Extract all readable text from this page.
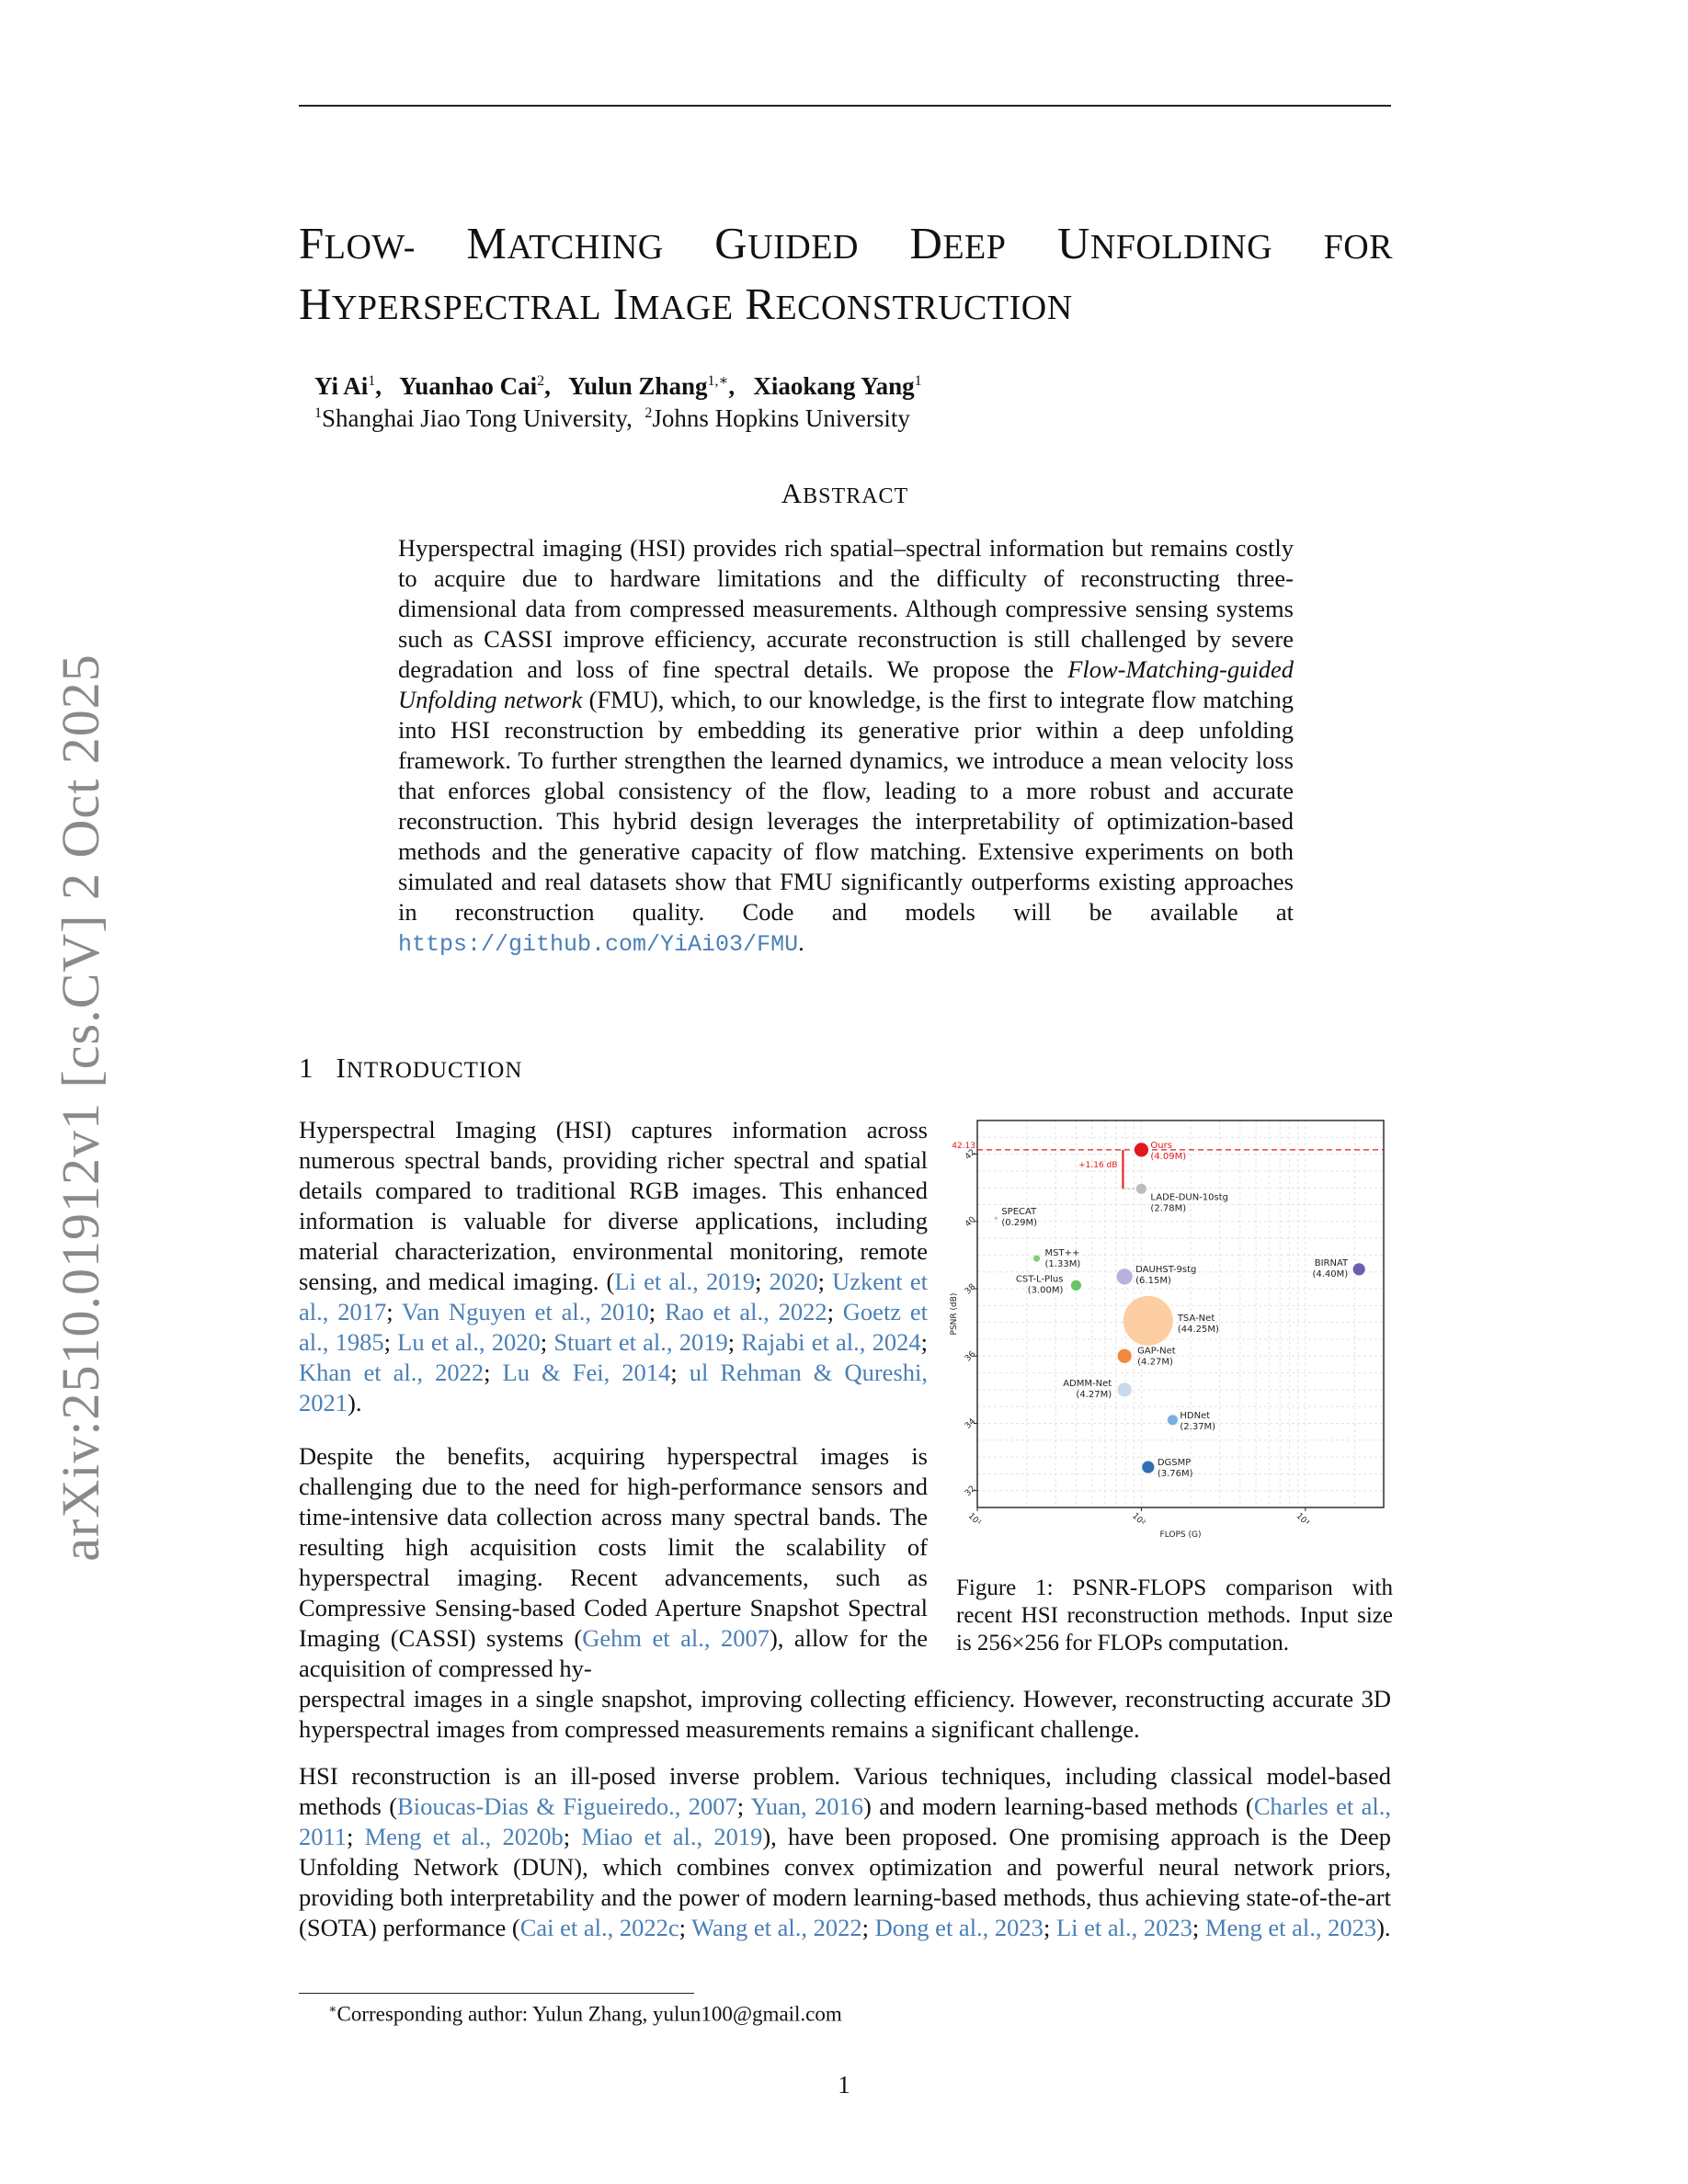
arXiv:2510.01912v1 [cs.CV] 2 Oct 2025
FLOW- MATCHING GUIDED DEEP UNFOLDING FOR
HYPERSPECTRAL IMAGE RECONSTRUCTION
Yi Ai$^1$,   Yuanhao Cai$^2$,   Yulun Zhang$^{1,∗}$,   Xiaokang Yang$^1$
$^1$Shanghai Jiao Tong University,  $^2$Johns Hopkins University
ABSTRACT
Hyperspectral imaging (HSI) provides rich spatial–spectral information but remains costly to acquire due to hardware limitations and the difficulty of reconstructing three-dimensional data from compressed measurements. Although compressive sensing systems such as CASSI improve efficiency, accurate reconstruction is still challenged by severe degradation and loss of fine spectral details. We propose the Flow-Matching-guided Unfolding network (FMU), which, to our knowledge, is the first to integrate flow matching into HSI reconstruction by embedding its generative prior within a deep unfolding framework. To further strengthen the learned dynamics, we introduce a mean velocity loss that enforces global consistency of the flow, leading to a more robust and accurate reconstruction. This hybrid design leverages the interpretability of optimization-based methods and the generative capacity of flow matching. Extensive experiments on both simulated and real datasets show that FMU significantly outperforms existing approaches in reconstruction quality. Code and models will be available at https://github.com/YiAi03/FMU.
1 INTRODUCTION
Hyperspectral Imaging (HSI) captures information across numerous spectral bands, providing richer spectral and spatial details compared to traditional RGB images. This enhanced information is valuable for diverse applications, including material characterization, environmental monitoring, remote sensing, and medical imaging. (Li et al., 2019; 2020; Uzkent et al., 2017; Van Nguyen et al., 2010; Rao et al., 2022; Goetz et al., 1985; Lu et al., 2020; Stuart et al., 2019; Rajabi et al., 2024; Khan et al., 2022; Lu & Fei, 2014; ul Rehman & Qureshi, 2021).
Despite the benefits, acquiring hyperspectral images is challenging due to the need for high-performance sensors and time-intensive data collection across many spectral bands. The resulting high acquisition costs limit the scalability of hyperspectral imaging. Recent advancements, such as Compressive Sensing-based Coded Aperture Snapshot Spectral Imaging (CASSI) systems (Gehm et al., 2007), allow for the acquisition of compressed hy-
perspectral images in a single snapshot, improving collecting efficiency. However, reconstructing accurate 3D hyperspectral images from compressed measurements remains a significant challenge.
HSI reconstruction is an ill-posed inverse problem. Various techniques, including classical model-based methods (Bioucas-Dias & Figueiredo., 2007; Yuan, 2016) and modern learning-based methods (Charles et al., 2011; Meng et al., 2020b; Miao et al., 2019), have been proposed. One promising approach is the Deep Unfolding Network (DUN), which combines convex optimization and powerful neural network priors, providing both interpretability and the power of modern learning-based methods, thus achieving state-of-the-art (SOTA) performance (Cai et al., 2022c; Wang et al., 2022; Dong et al., 2023; Li et al., 2023; Meng et al., 2023).
32
34
36
38
40
42
10¹	10²	10³
FLOPS (G)
PSNR (dB)
42.13
+1.16 dB
Ours
(4.09M)
LADE-DUN-10stg
(2.78M)
SPECAT
(0.29M)
MST++
(1.33M)
DAUHST-9stg
(6.15M)
BIRNAT
(4.40M)
CST-L-Plus
(3.00M)
TSA-Net
(44.25M)
GAP-Net
(4.27M)
ADMM-Net
(4.27M)
HDNet
(2.37M)
DGSMP
(3.76M)
Figure 1: PSNR-FLOPS comparison with recent HSI reconstruction methods. Input size is 256×256 for FLOPs computation.
∗Corresponding author: Yulun Zhang, yulun100@gmail.com
1
